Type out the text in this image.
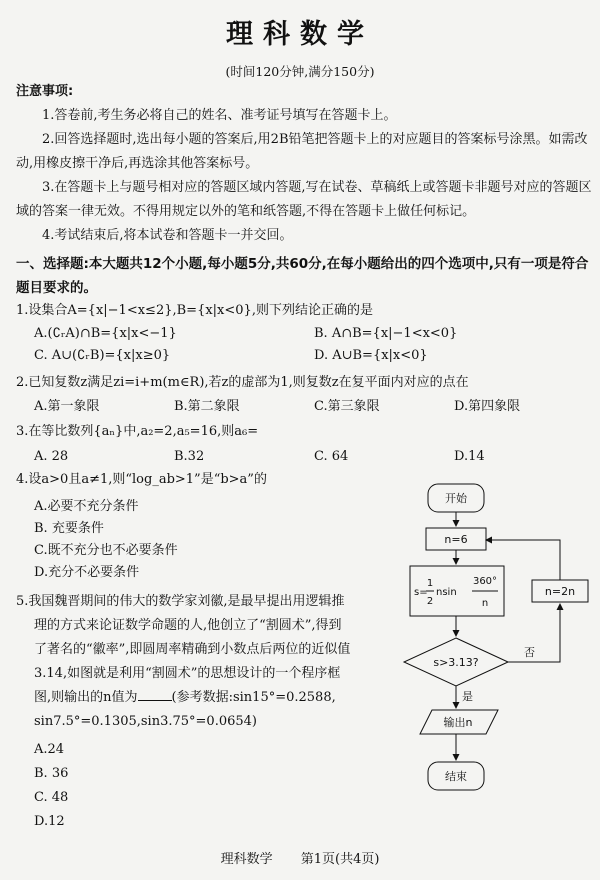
理科数学
(时间120分钟,满分150分)
注意事项:

1.答卷前,考生务必将自己的姓名、准考证号填写在答题卡上。

2.回答选择题时,选出每小题的答案后,用2B铅笔把答题卡上的对应题目的答案标号涂黑。如需改动,用橡皮擦干净后,再选涂其他答案标号。

3.在答题卡上与题号相对应的答题区域内答题,写在试卷、草稿纸上或答题卡非题号对应的答题区域的答案一律无效。不得用规定以外的笔和纸答题,不得在答题卡上做任何标记。

4.考试结束后,将本试卷和答题卡一并交回。

一、选择题:本大题共12个小题,每小题5分,共60分,在每小题给出的四个选项中,只有一项是符合题目要求的。
1.设集合A={x|−1<x≤2},B={x|x<0},则下列结论正确的是
A.(∁ᵣA)∩B={x|x<−1}	B. A∩B={x|−1<x<0}
C. A∪(∁ᵣB)={x|x≥0}	D. A∪B={x|x<0}
2.已知复数z满足zi=i+m(m∈R),若z的虚部为1,则复数z在复平面内对应的点在
A.第一象限	B.第二象限	C.第三象限	D.第四象限
3.在等比数列{aₙ}中,a₂=2,a₅=16,则a₆=
A. 28	B.32	C. 64	D.14
4.设a>0且a≠1,则“log_ab>1”是“b>a”的
A.必要不充分条件
B. 充要条件
C.既不充分也不必要条件
D.充分不必要条件
5.我国魏晋期间的伟大的数学家刘徽,是最早提出用逻辑推
理的方式来论证数学命题的人,他创立了“割圆术”,得到
了著名的“徽率”,即圆周率精确到小数点后两位的近似值
3.14,如图就是利用“割圆术”的思想设计的一个程序框
图,则输出的n值为	(参考数据:sin15°=0.2588,
sin7.5°=0.1305,sin3.75°=0.0654)
A.24
B. 36
C. 48
D.12
开始
n=6
s=
1
2
nsin
360°
n
s>3.13?
否
n=2n
是
输出n
结束
理科数学 第1页(共4页)
